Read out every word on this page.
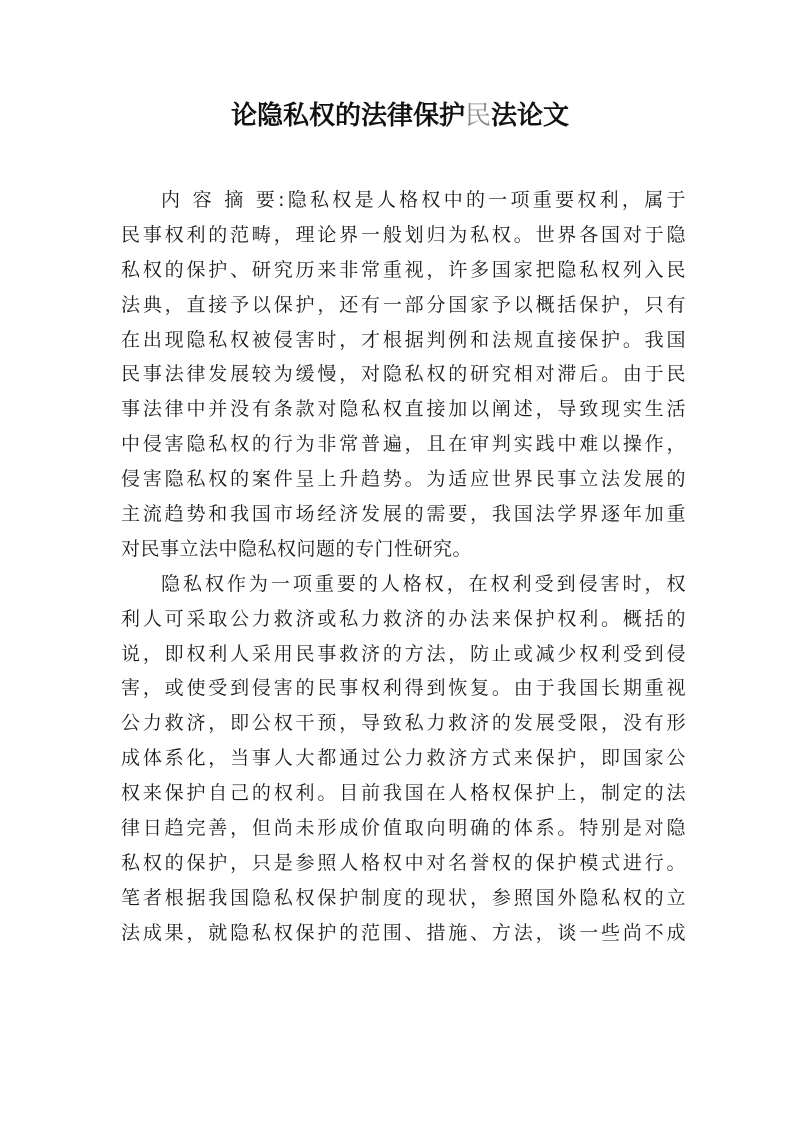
论隐私权的法律保护民法论文
内 容 摘 要:隐私权是人格权中的一项重要权利，属于
民事权利的范畴，理论界一般划归为私权。世界各国对于隐
私权的保护、研究历来非常重视，许多国家把隐私权列入民
法典，直接予以保护，还有一部分国家予以概括保护，只有
在出现隐私权被侵害时，才根据判例和法规直接保护。我国
民事法律发展较为缓慢，对隐私权的研究相对滞后。由于民
事法律中并没有条款对隐私权直接加以阐述，导致现实生活
中侵害隐私权的行为非常普遍，且在审判实践中难以操作，
侵害隐私权的案件呈上升趋势。为适应世界民事立法发展的
主流趋势和我国市场经济发展的需要，我国法学界逐年加重
对民事立法中隐私权问题的专门性研究。
隐私权作为一项重要的人格权，在权利受到侵害时，权
利人可采取公力救济或私力救济的办法来保护权利。概括的
说，即权利人采用民事救济的方法，防止或减少权利受到侵
害，或使受到侵害的民事权利得到恢复。由于我国长期重视
公力救济，即公权干预，导致私力救济的发展受限，没有形
成体系化，当事人大都通过公力救济方式来保护，即国家公
权来保护自己的权利。目前我国在人格权保护上，制定的法
律日趋完善，但尚未形成价值取向明确的体系。特别是对隐
私权的保护，只是参照人格权中对名誉权的保护模式进行。
笔者根据我国隐私权保护制度的现状，参照国外隐私权的立
法成果，就隐私权保护的范围、措施、方法，谈一些尚不成
